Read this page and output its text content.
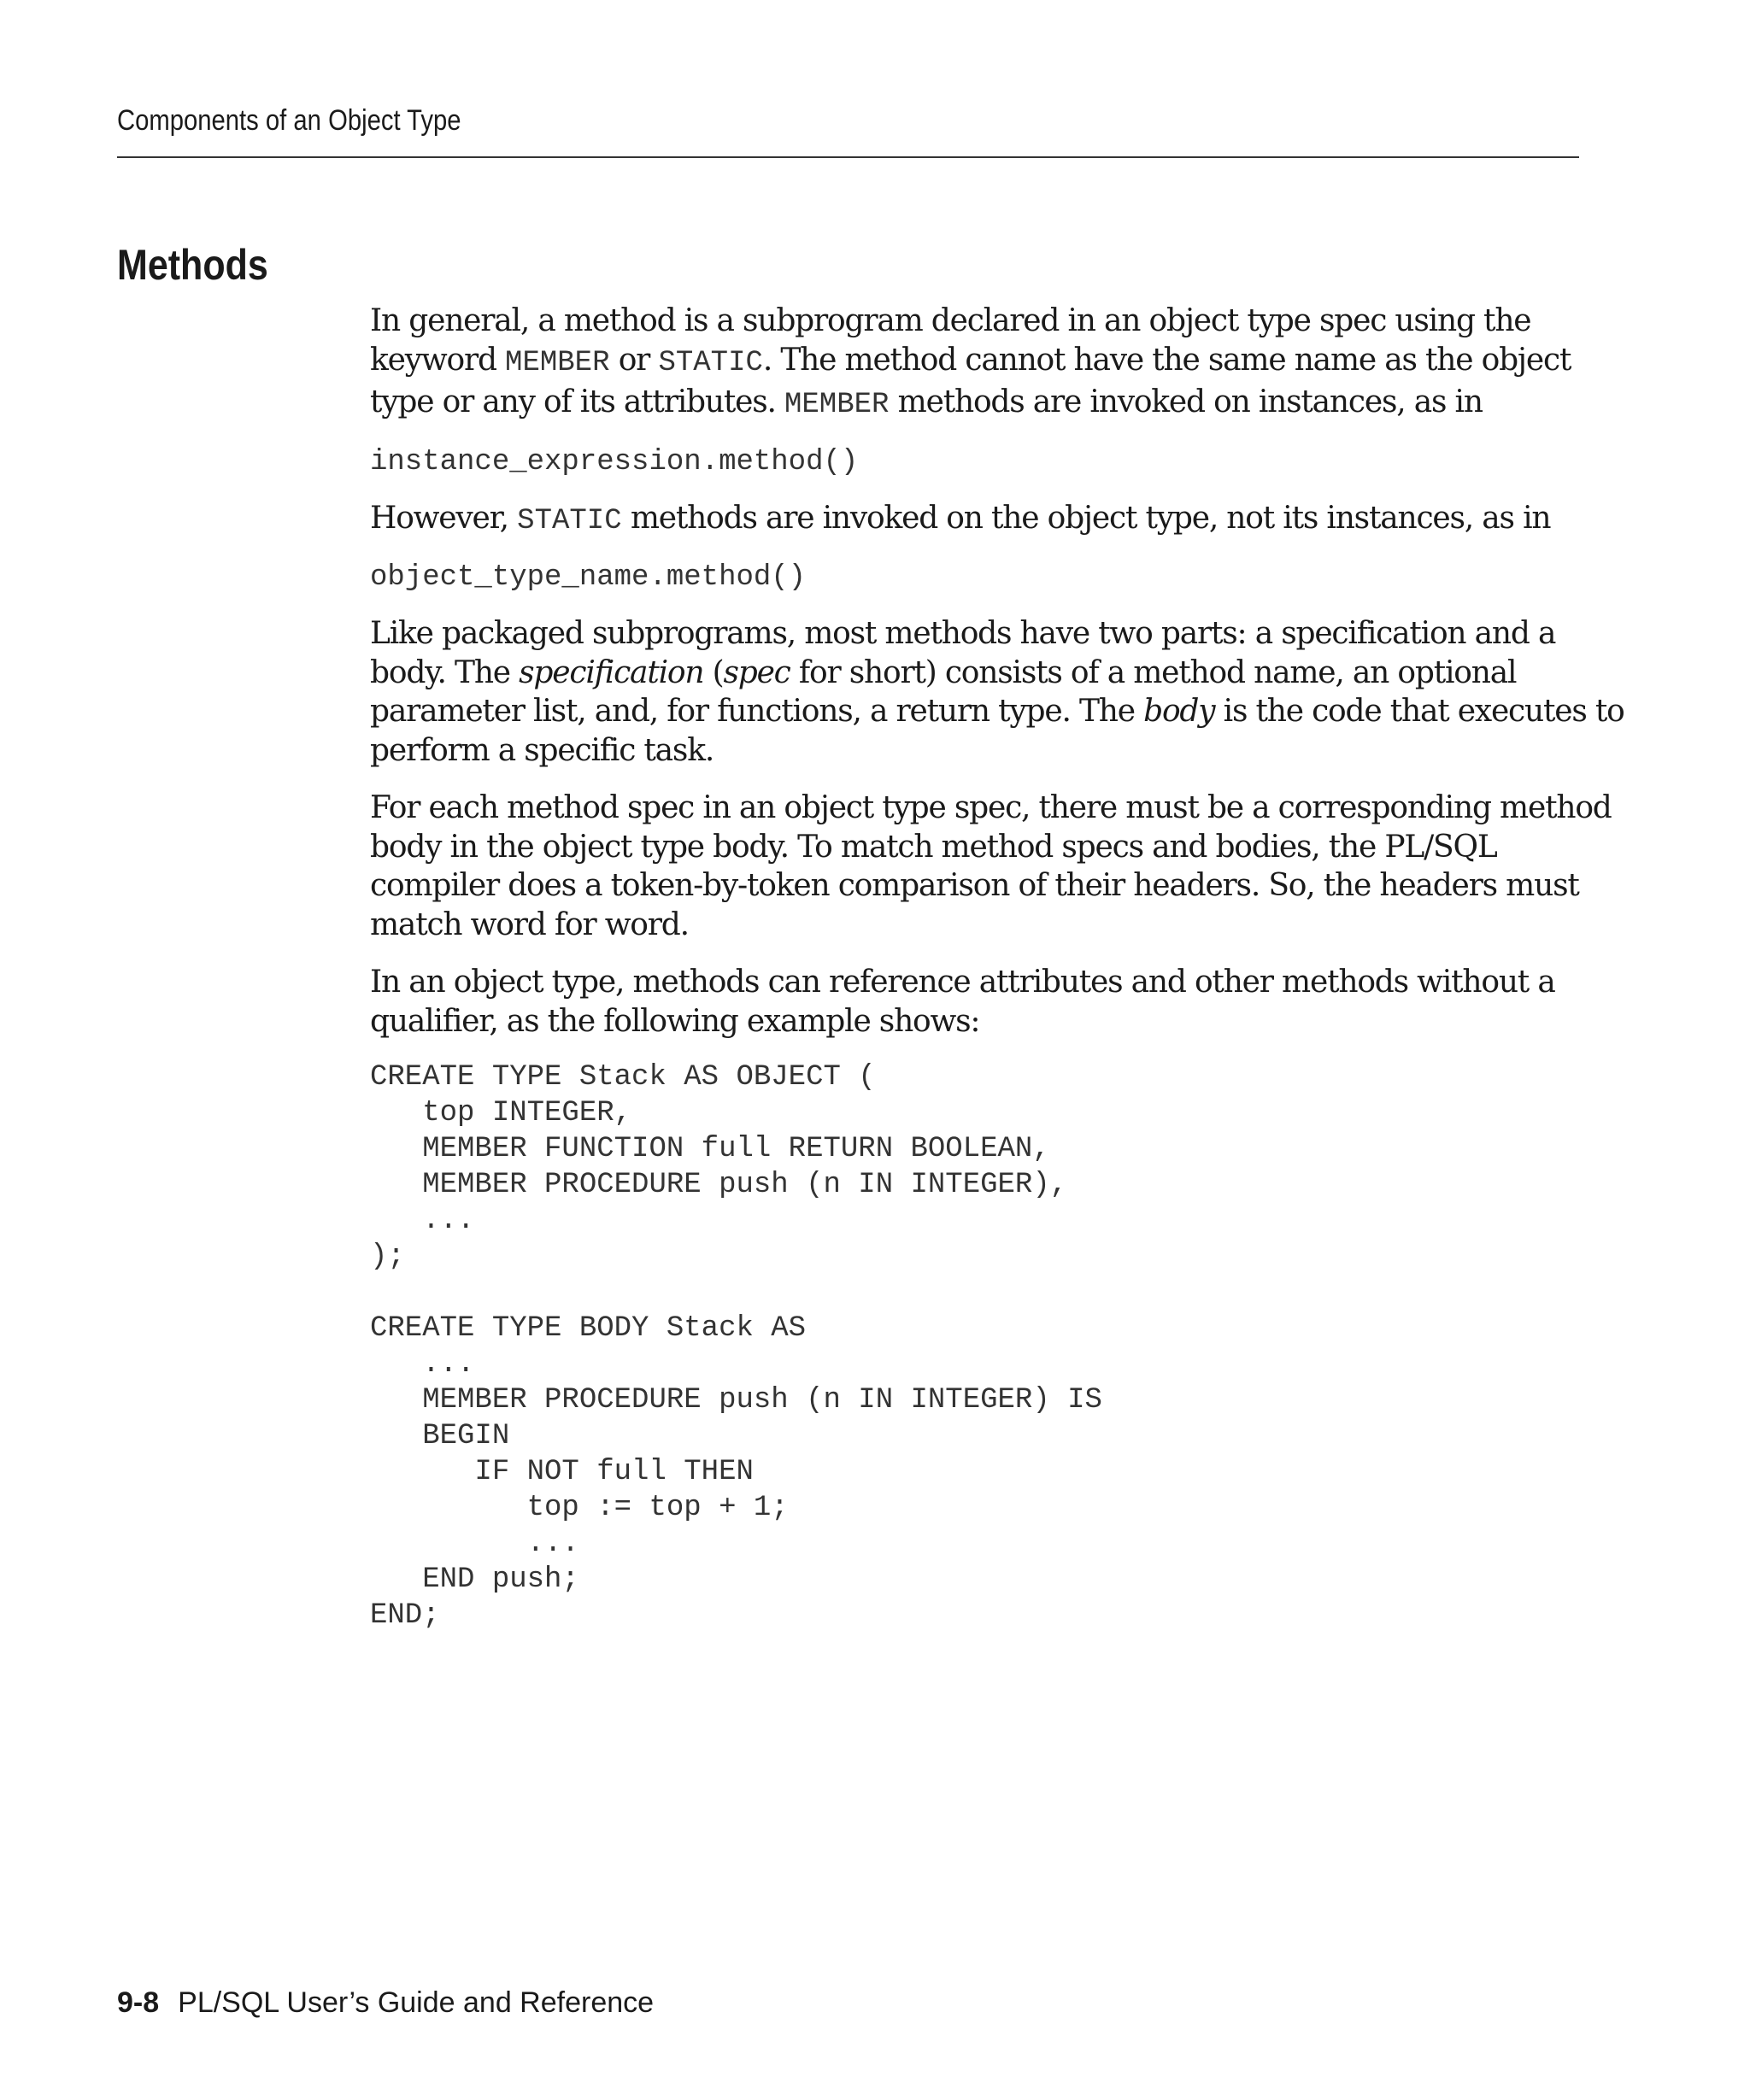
Components of an Object Type
Methods

In general, a method is a subprogram declared in an object type spec using the
keyword MEMBER or STATIC. The method cannot have the same name as the object
type or any of its attributes. MEMBER methods are invoked on instances, as in

instance_expression.method()

However, STATIC methods are invoked on the object type, not its instances, as in

object_type_name.method()

Like packaged subprograms, most methods have two parts: a specification and a
body. The specification (spec for short) consists of a method name, an optional
parameter list, and, for functions, a return type. The body is the code that executes to
perform a specific task.

For each method spec in an object type spec, there must be a corresponding method
body in the object type body. To match method specs and bodies, the PL/SQL
compiler does a token-by-token comparison of their headers. So, the headers must
match word for word.

In an object type, methods can reference attributes and other methods without a
qualifier, as the following example shows:

CREATE TYPE Stack AS OBJECT (
top INTEGER,
MEMBER FUNCTION full RETURN BOOLEAN,
MEMBER PROCEDURE push (n IN INTEGER),
...
);

CREATE TYPE BODY Stack AS
...
MEMBER PROCEDURE push (n IN INTEGER) IS
BEGIN
IF NOT full THEN
top := top + 1;
...
END push;
END;
9-8 PL/SQL User’s Guide and Reference
